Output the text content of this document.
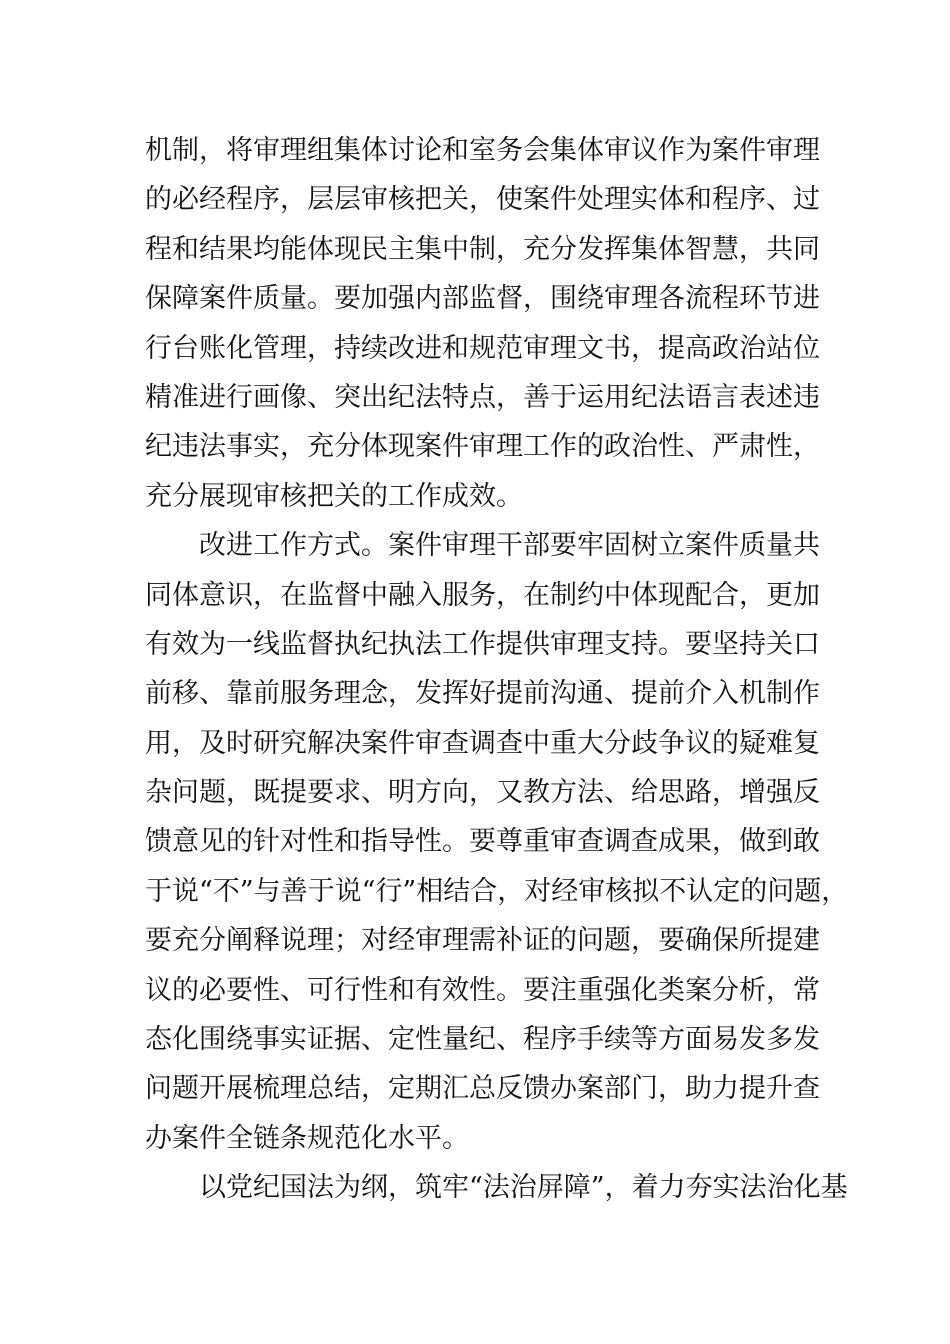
机制，将审理组集体讨论和室务会集体审议作为案件审理
的必经程序，层层审核把关，使案件处理实体和程序、过
程和结果均能体现民主集中制，充分发挥集体智慧，共同
保障案件质量。要加强内部监督，围绕审理各流程环节进
行台账化管理，持续改进和规范审理文书，提高政治站位
精准进行画像、突出纪法特点，善于运用纪法语言表述违
纪违法事实，充分体现案件审理工作的政治性、严肃性，
充分展现审核把关的工作成效。
改进工作方式。案件审理干部要牢固树立案件质量共
同体意识，在监督中融入服务，在制约中体现配合，更加
有效为一线监督执纪执法工作提供审理支持。要坚持关口
前移、靠前服务理念，发挥好提前沟通、提前介入机制作
用，及时研究解决案件审查调查中重大分歧争议的疑难复
杂问题，既提要求、明方向，又教方法、给思路，增强反
馈意见的针对性和指导性。要尊重审查调查成果，做到敢
于说“不”与善于说“行”相结合，对经审核拟不认定的问题，
要充分阐释说理；对经审理需补证的问题，要确保所提建
议的必要性、可行性和有效性。要注重强化类案分析，常
态化围绕事实证据、定性量纪、程序手续等方面易发多发
问题开展梳理总结，定期汇总反馈办案部门，助力提升查
办案件全链条规范化水平。
以党纪国法为纲，筑牢“法治屏障”，着力夯实法治化基
